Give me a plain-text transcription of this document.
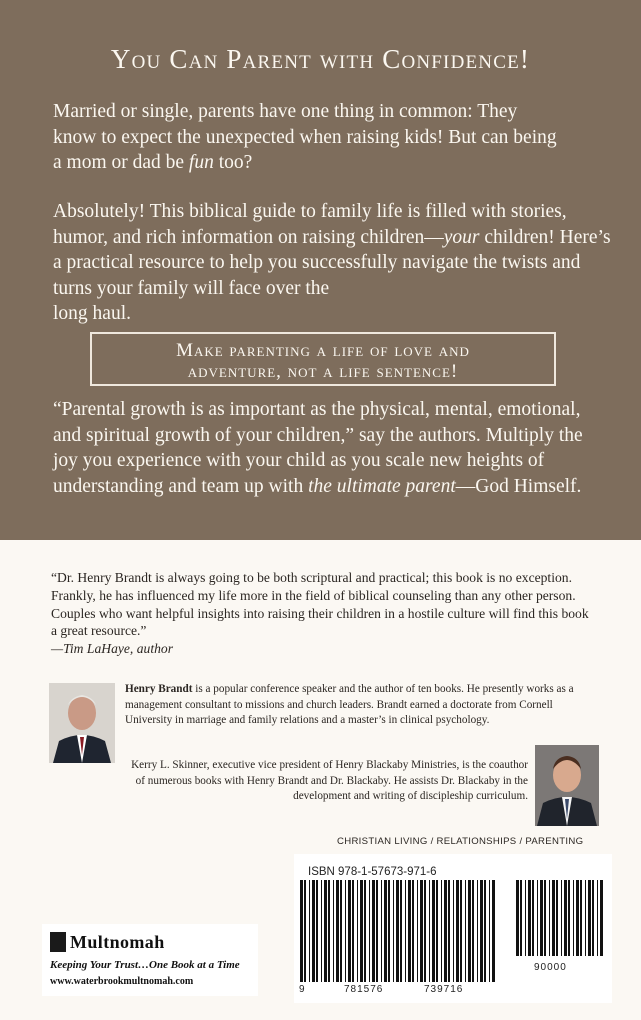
You Can Parent with Confidence!
Married or single, parents have one thing in common: They
know to expect the unexpected when raising kids! But can being
a mom or dad be fun too?
Absolutely! This biblical guide to family life is filled with stories, humor, and rich information on raising children—your children! Here’s a practical resource to help you successfully navigate the twists and turns your family will face over the
long haul.
Make parenting a life of love and
adventure, not a life sentence!
“Parental growth is as important as the physical, mental, emotional, and spiritual growth of your children,” say the authors. Multiply the joy you experience with your child as you scale new heights of understanding and team up with the ultimate parent—God Himself.
“Dr. Henry Brandt is always going to be both scriptural and practical; this book is no exception. Frankly, he has influenced my life more in the field of biblical counseling than any other person. Couples who want helpful insights into raising their children in a hostile culture will find this book a great resource.”
—Tim LaHaye, author
Henry Brandt is a popular conference speaker and the author of ten books. He presently works as a management consultant to missions and church leaders. Brandt earned a doctorate from Cornell University in marriage and family relations and a master’s in clinical psychology.
Kerry L. Skinner, executive vice president of Henry Blackaby Ministries, is the coauthor of numerous books with Henry Brandt and Dr. Blackaby. He assists Dr. Blackaby in the development and writing of discipleship curriculum.
CHRISTIAN LIVING / RELATIONSHIPS / PARENTING
ISBN 978-1-57673-971-6
9	781576	739716
90000
Multnomah
Keeping Your Trust…One Book at a Time
www.waterbrookmultnomah.com
